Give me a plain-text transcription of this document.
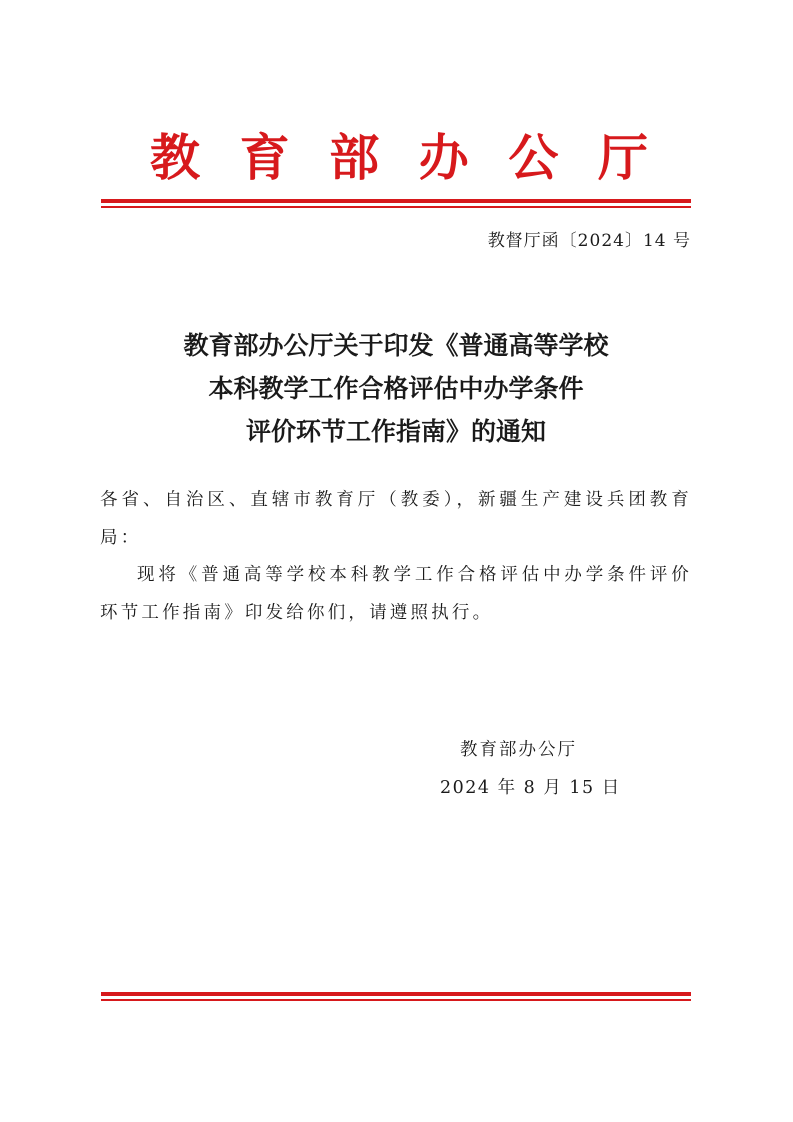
教 育 部 办 公 厅
教督厅函〔2024〕14 号
教育部办公厅关于印发《普通高等学校
本科教学工作合格评估中办学条件
评价环节工作指南》的通知

各省、自治区、直辖市教育厅（教委），新疆生产建设兵团教育局：

现将《普通高等学校本科教学工作合格评估中办学条件评价环节工作指南》印发给你们，请遵照执行。

教育部办公厅
2024 年 8 月 15 日
